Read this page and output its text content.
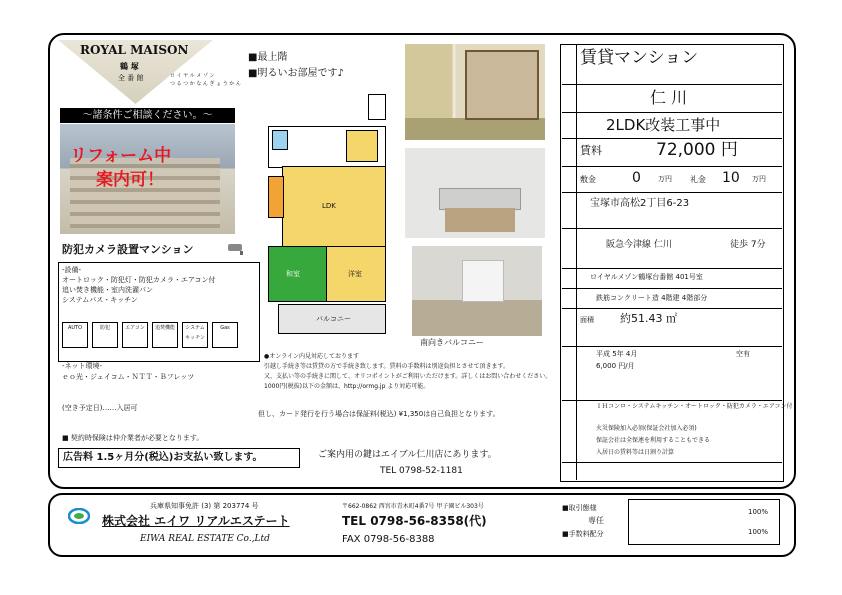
ROYAL MAISON
鶴 塚
全 番 館	ロ イ ヤ ル メ ゾ ン
つ る つ か な ん ぎ ょ う か ん
～諸条件ご相談ください。～
リフォーム中
案内可！
防犯カメラ設置マンション
-設備-
オートロック・防犯灯・防犯カメラ・エアコン付
追い焚き機能・室内洗濯パン
システムバス・キッチン
AUTO	防犯	エアコン	追焚機能	システムキッチン
Gas
-ネット環境-
ｅｏ光・ジェイコム・ＮＴＴ・Ｂフレッツ
■最上階
■明るいお部屋です♪
LDK
和室	洋室
バルコニー
南向きバルコニー
●オンライン内見対応しております
引越し手続き等は賃貸の方で手続き致します。賃料の手数料は別途負担とさせて頂きます。
又、支払い等の手続きに関して、オリコポイントがご利用いただけます。詳しくはお問い合わせください。
1000円(税抜)以下の金額は、http://ormg.jp より対応可能。
但し、カード発行を行う場合は保証料(税込) ¥1,350は自己負担となります。
(空き予定日)……入居可
■ 契約時保険は仲介業者が必要となります。
広告料 1.5ヶ月分(税込)お支払い致します。	ご案内用の鍵はエイブル仁川店にあります。
TEL 0798-52-1181
賃貸マンション
仁 川
2LDK改装工事中
賃料	72,000 円
敷金	0 万円 礼金 10 万円
宝塚市高松2丁目6-23
阪急今津線 仁川	徒歩 7分
ロイヤルメゾン鶴塚台番館 401号室
鉄筋コンクリート造 4階建 4階部分
面積 約51.43 ㎡
平成 5年 4月	空有
6,000 円/月
ＩＨコンロ・システムキッチン・オートロック・防犯カメラ・エアコン付
火災保険加入必須(保証会社加入必須)
保証会社は全保連を利用することもできる
入居日の賃料等は日割り計算
兵庫県知事免許 (3) 第 203774 号
株式会社 エイワ リアルエステート
EIWA REAL ESTATE Co.,Ltd
〒662-0862 西宮市青木町4番7号 甲子園ビル303号
TEL 0798-56-8358(代)
FAX 0798-56-8388
■取引態様
専任
■手数料配分
100%
100%
